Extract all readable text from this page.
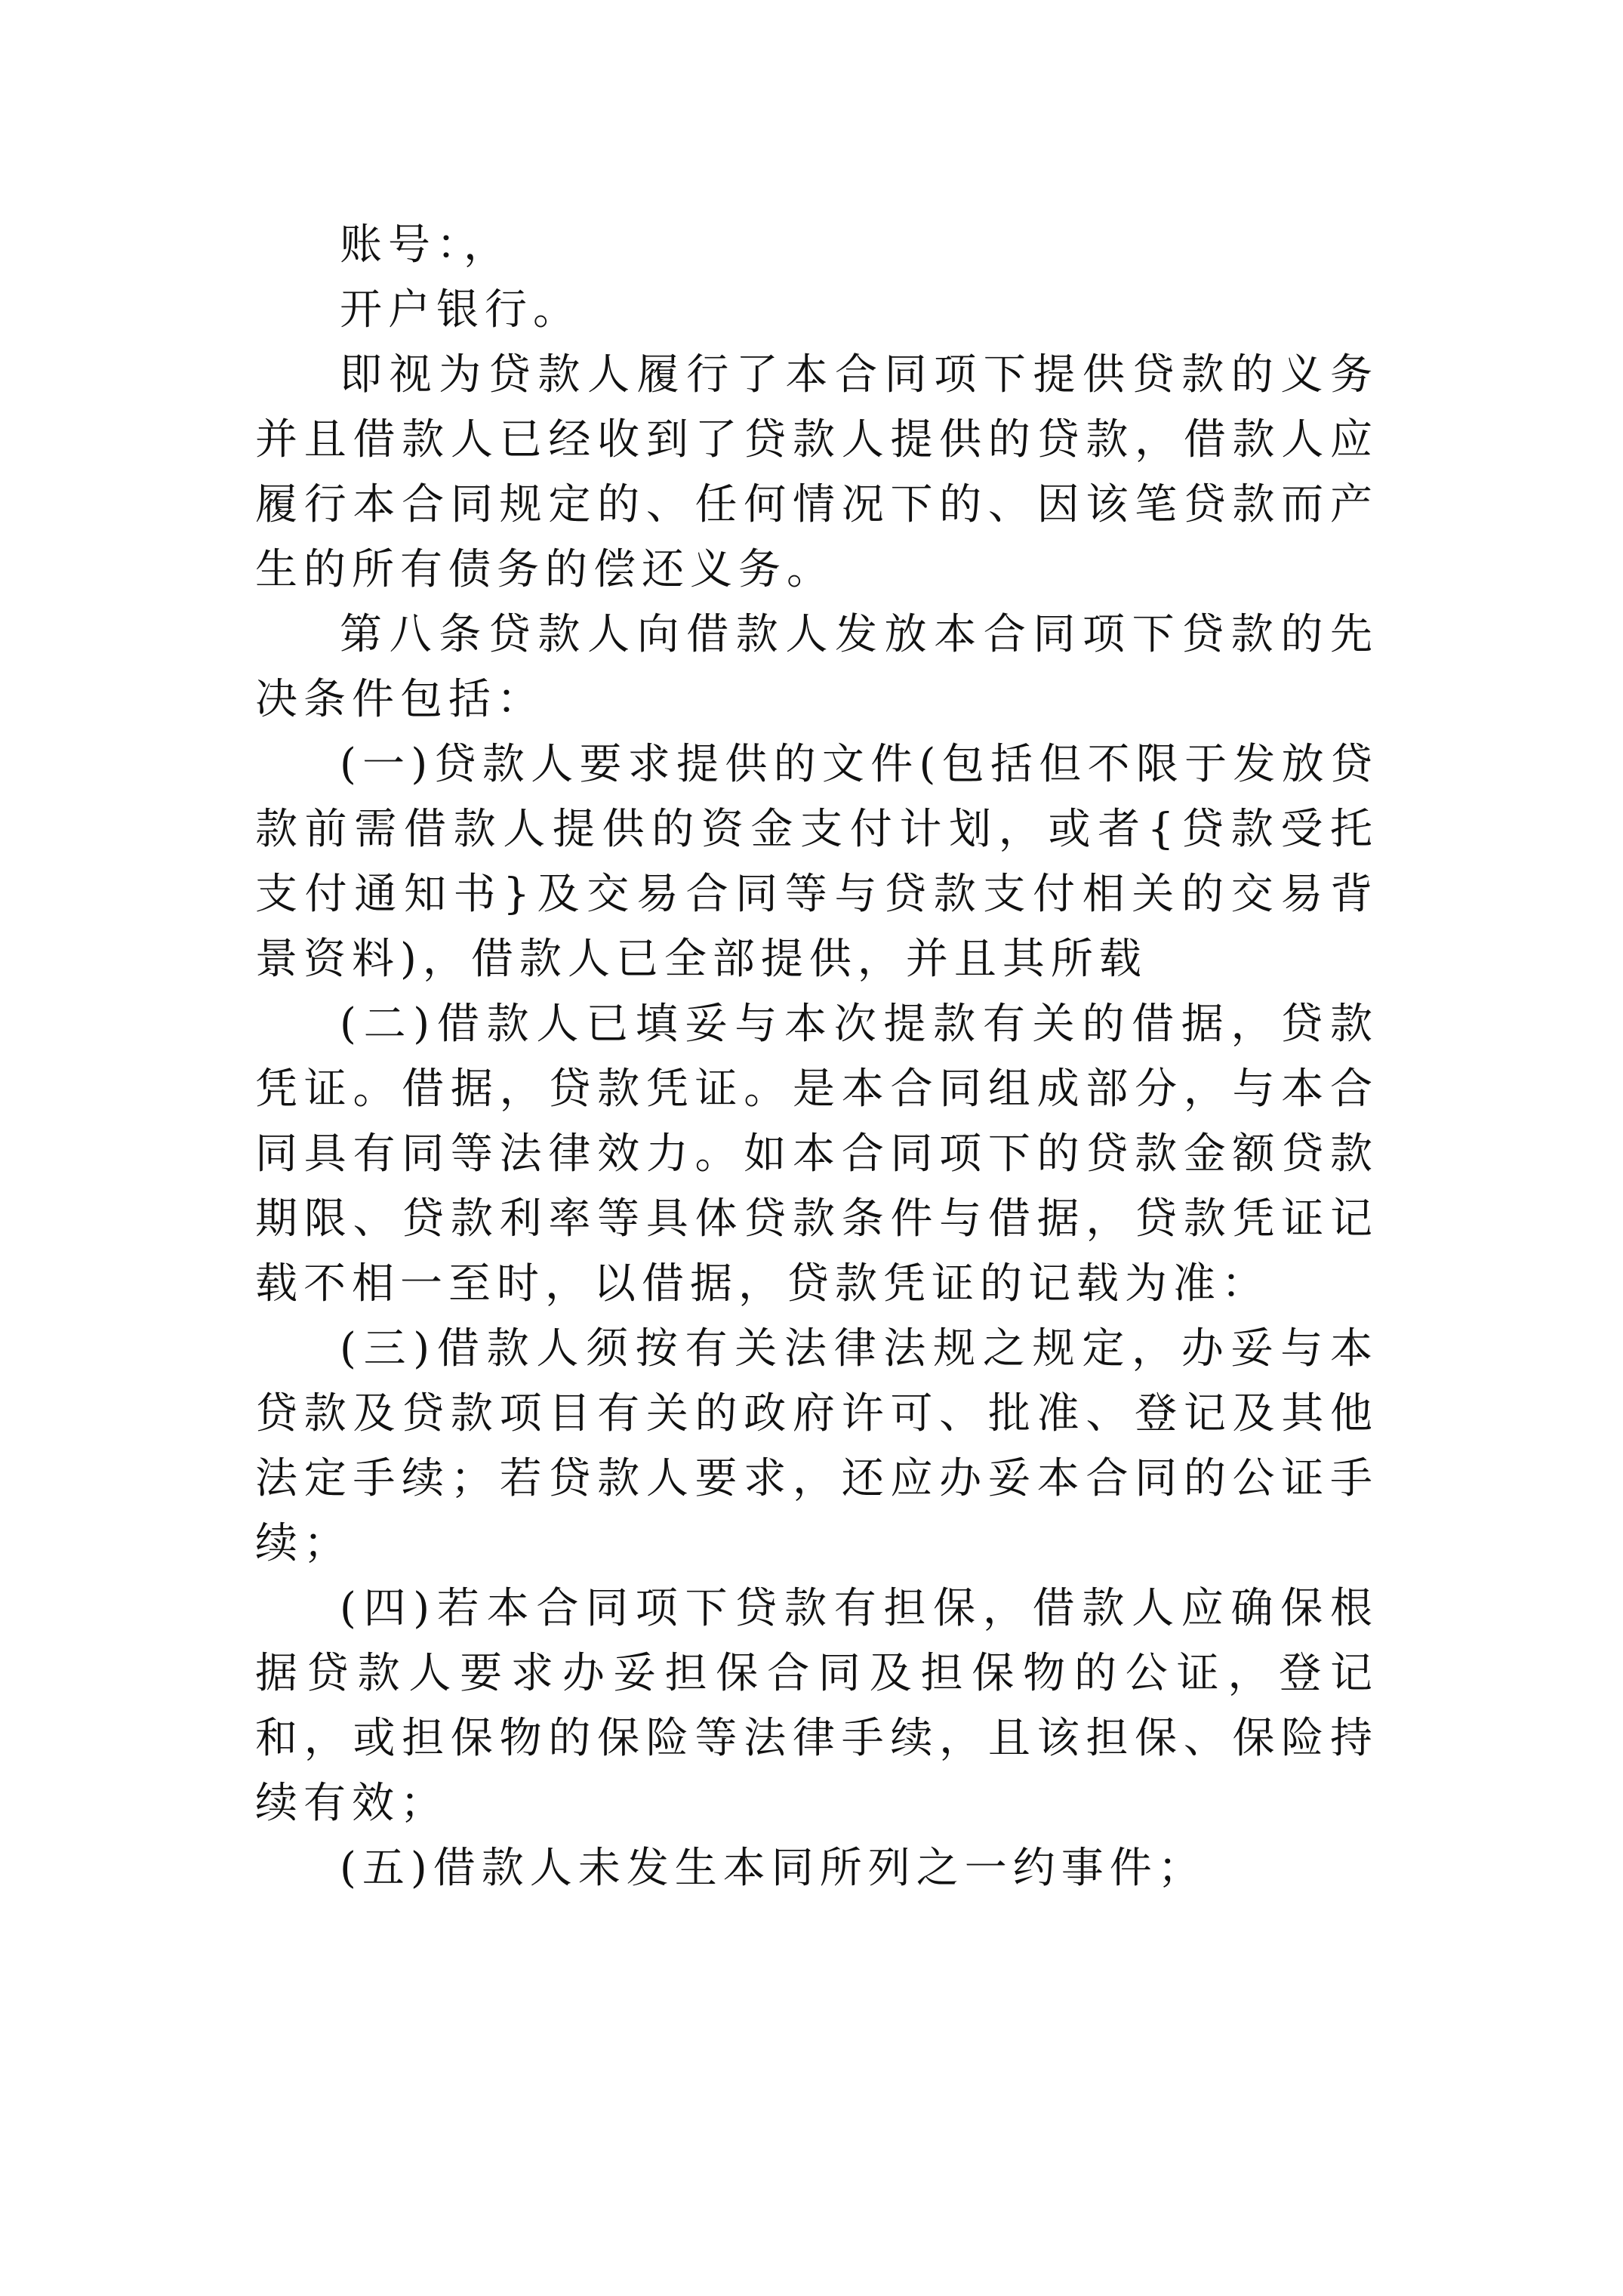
账号：，

开户银行。

即视为贷款人履行了本合同项下提供贷款的义务并且借款人已经收到了贷款人提供的贷款，借款人应履行本合同规定的、任何情况下的、因该笔贷款而产生的所有债务的偿还义务。

第八条贷款人向借款人发放本合同项下贷款的先决条件包括：

(一)贷款人要求提供的文件(包括但不限于发放贷款前需借款人提供的资金支付计划，或者{贷款受托支付通知书}及交易合同等与贷款支付相关的交易背景资料)，借款人已全部提供，并且其所载

(二)借款人已填妥与本次提款有关的借据，贷款凭证。借据，贷款凭证。是本合同组成部分，与本合同具有同等法律效力。如本合同项下的贷款金额贷款期限、贷款利率等具体贷款条件与借据，贷款凭证记载不相一至时，以借据，贷款凭证的记载为准：

(三)借款人须按有关法律法规之规定，办妥与本贷款及贷款项目有关的政府许可、批准、登记及其他法定手续；若贷款人要求，还应办妥本合同的公证手续；

(四)若本合同项下贷款有担保，借款人应确保根据贷款人要求办妥担保合同及担保物的公证，登记和，或担保物的保险等法律手续，且该担保、保险持续有效；

(五)借款人未发生本同所列之一约事件；
